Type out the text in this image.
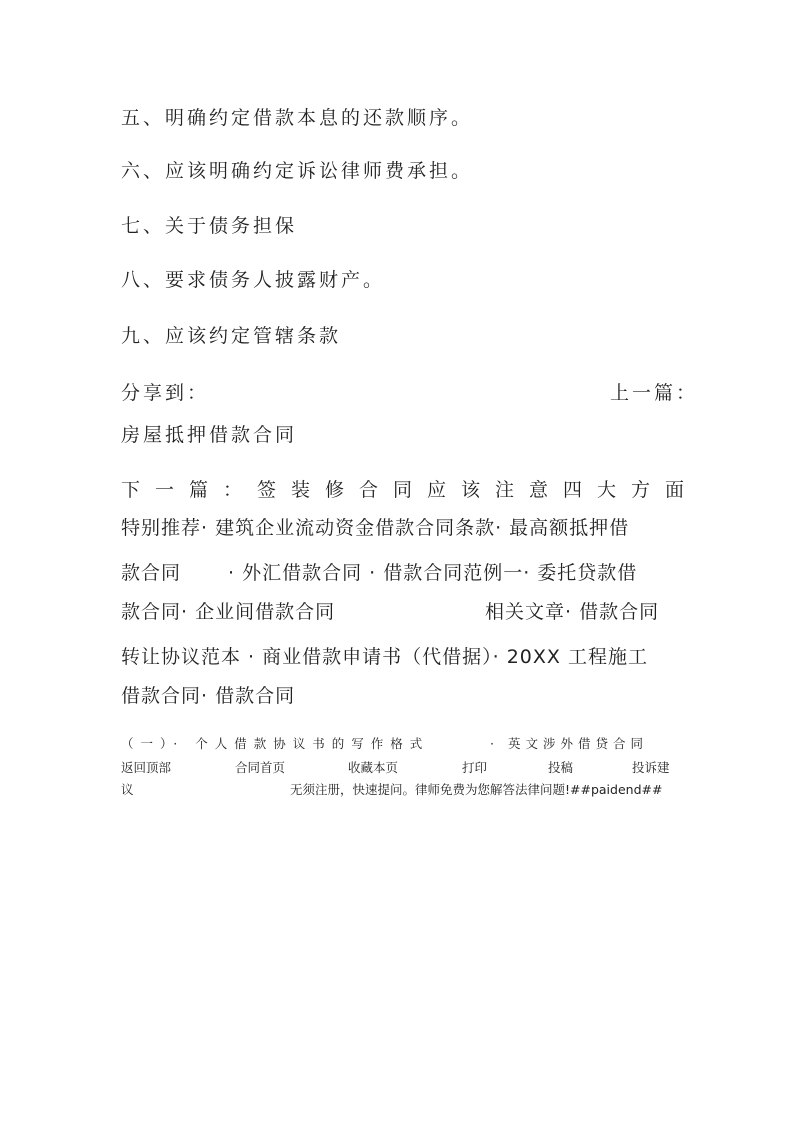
五、明确约定借款本息的还款顺序。
六、应该明确约定诉讼律师费承担。
七、关于债务担保
八、要求债务人披露财产。
九、应该约定管辖条款
分享到：	上一篇：
房屋抵押借款合同
下一篇：签装修合同应该注意四大方面
特别推荐· 建筑企业流动资金借款合同条款· 最高额抵押借
款合同 · 外汇借款合同 · 借款合同范例一· 委托贷款借
款合同· 企业间借款合同	相关文章· 借款合同
转让协议范本 · 商业借款申请书（代借据）· 20XX 工程施工
借款合同· 借款合同
（一）· 个人借款协议书的写作格式	· 英文涉外借贷合同
返回顶部	合同首页	收藏本页	打印	投稿	投诉建
议	无须注册，快速提问。律师免费为您解答法律问题!##paidend##
